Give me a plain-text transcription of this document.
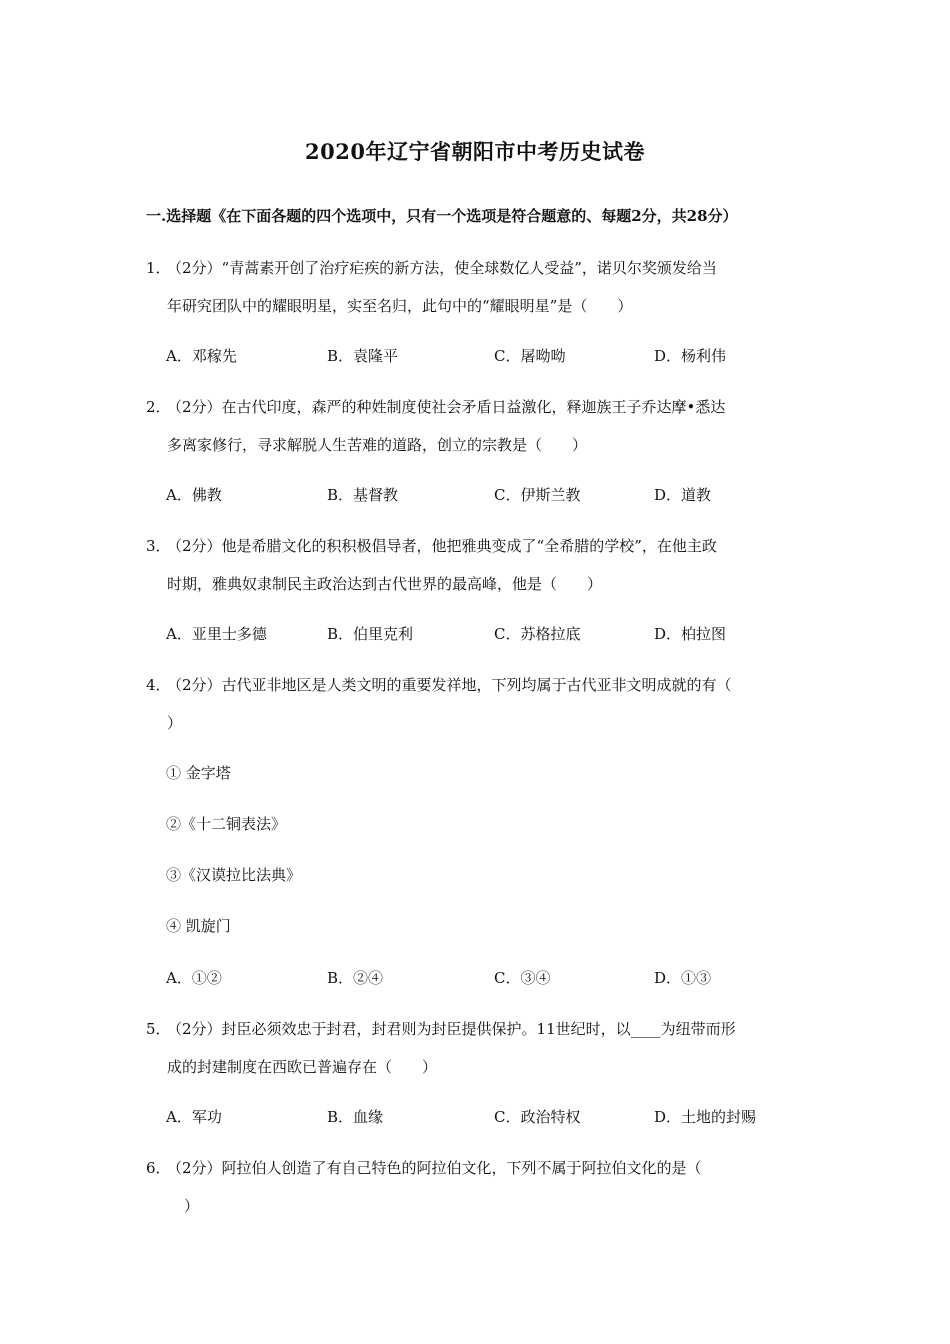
2020年辽宁省朝阳市中考历史试卷
一.选择题《在下面各题的四个选项中，只有一个选项是符合题意的、每题2分，共28分）
1．（2分）“青蒿素开创了治疗疟疾的新方法，使全球数亿人受益”，诺贝尔奖颁发给当
年研究团队中的耀眼明星，实至名归，此句中的“耀眼明星”是（　　）
A．邓稼先	B．袁隆平	C．屠呦呦	D．杨利伟
2．（2分）在古代印度，森严的种姓制度使社会矛盾日益激化，释迦族王子乔达摩•悉达
多离家修行，寻求解脱人生苦难的道路，创立的宗教是（　　）
A．佛教	B．基督教	C．伊斯兰教	D．道教
3．（2分）他是希腊文化的积积极倡导者，他把雅典变成了“全希腊的学校”，在他主政
时期，雅典奴隶制民主政治达到古代世界的最高峰，他是（　　）
A．亚里士多德	B．伯里克利	C．苏格拉底	D．柏拉图
4．（2分）古代亚非地区是人类文明的重要发祥地，下列均属于古代亚非文明成就的有（
）
① 金字塔
②《十二铜表法》
③《汉谟拉比法典》
④ 凯旋门
A．①②	B．②④	C．③④	D．①③
5．（2分）封臣必须效忠于封君，封君则为封臣提供保护。11世纪时，以____为纽带而形
成的封建制度在西欧已普遍存在（　　）
A．军功	B．血缘	C．政治特权	D．土地的封赐
6．（2分）阿拉伯人创造了有自己特色的阿拉伯文化，下列不属于阿拉伯文化的是（
）
